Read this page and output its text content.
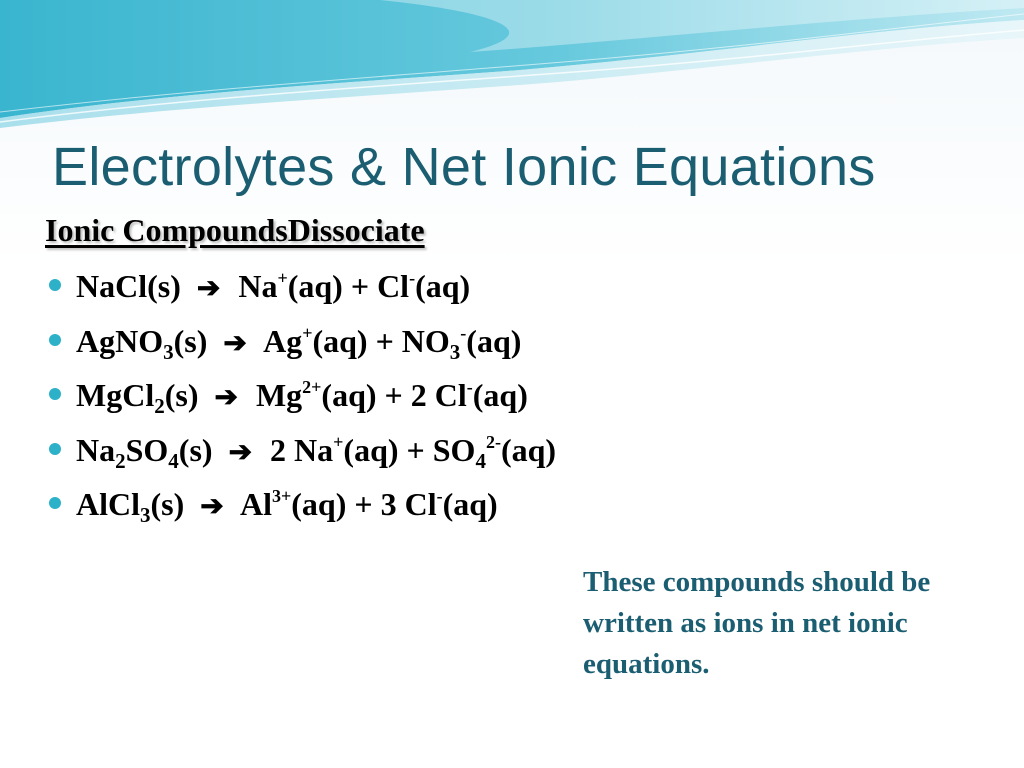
Electrolytes & Net Ionic Equations
Ionic CompoundsDissociate
NaCl(s) ➔ Na+(aq) + Cl-(aq)
AgNO$_3$(s) ➔ $Ag^+(aq) + NO_3^-(aq)$
MgCl$_2$(s) ➔ $Mg^{2+}(aq) + 2$ Cl-(aq)
$Na_2SO_4(s)$ ➔ 2 $Na^+(aq) + SO_4^{2-}(aq)$
AlCl$_3$(s) ➔ $Al^{3+}(aq) + 3$ Cl-(aq)
These compounds should be written as ions in net ionic equations.
